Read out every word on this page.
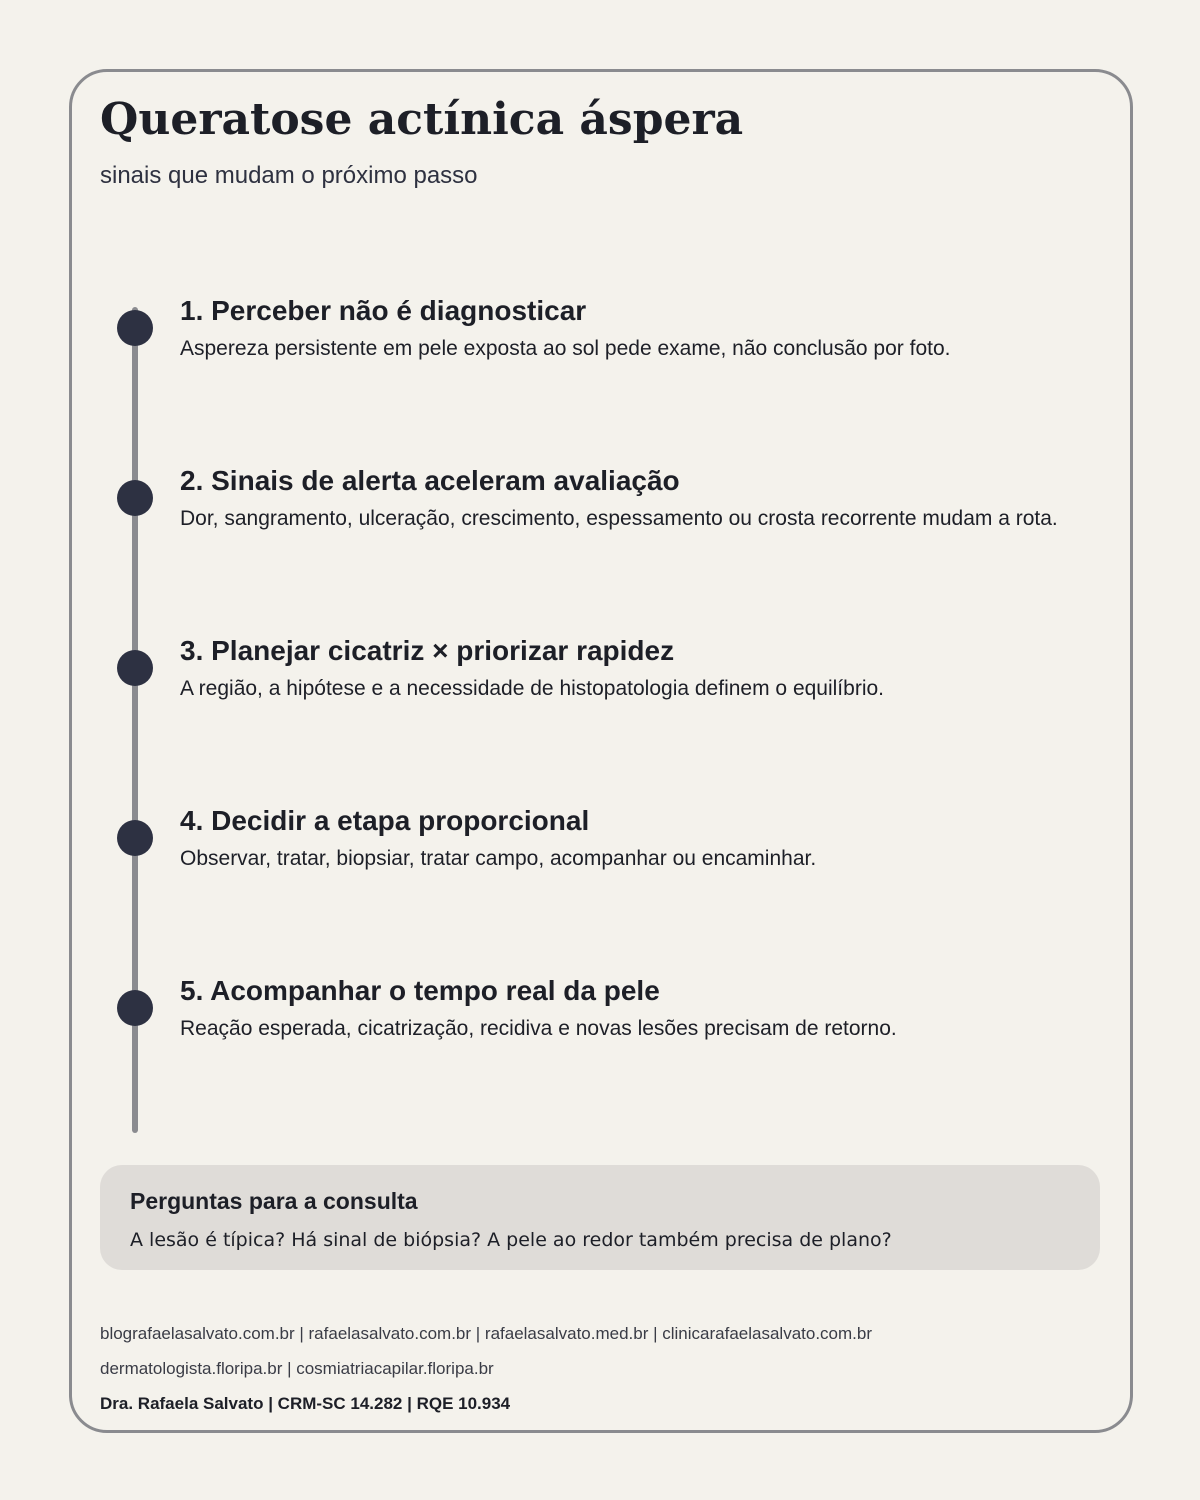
Queratose actínica áspera

sinais que mudam o próximo passo

1. Perceber não é diagnosticar

Aspereza persistente em pele exposta ao sol pede exame, não conclusão por foto.

2. Sinais de alerta aceleram avaliação

Dor, sangramento, ulceração, crescimento, espessamento ou crosta recorrente mudam a rota.

3. Planejar cicatriz × priorizar rapidez

A região, a hipótese e a necessidade de histopatologia definem o equilíbrio.

4. Decidir a etapa proporcional

Observar, tratar, biopsiar, tratar campo, acompanhar ou encaminhar.

5. Acompanhar o tempo real da pele

Reação esperada, cicatrização, recidiva e novas lesões precisam de retorno.

Perguntas para a consulta

A lesão é típica? Há sinal de biópsia? A pele ao redor também precisa de plano?

blografaelasalvato.com.br | rafaelasalvato.com.br | rafaelasalvato.med.br | clinicarafaelasalvato.com.br

dermatologista.floripa.br | cosmiatriacapilar.floripa.br

Dra. Rafaela Salvato | CRM-SC 14.282 | RQE 10.934
